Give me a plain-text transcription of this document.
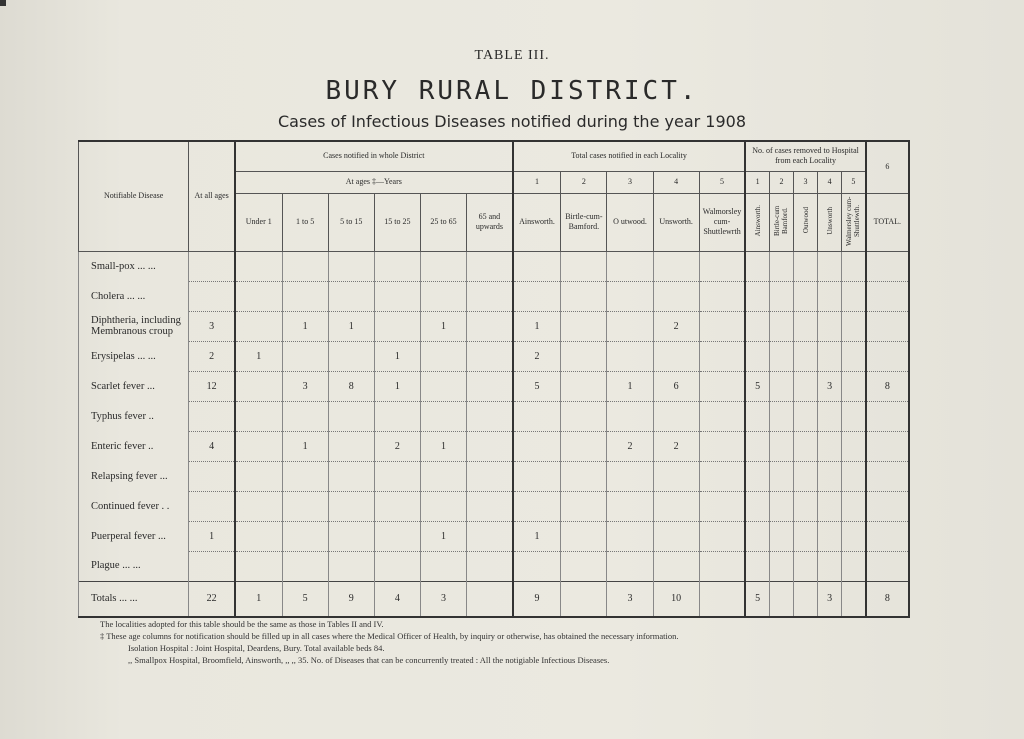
TABLE III.
BURY RURAL DISTRICT.
Cases of Infectious Diseases notified during the year 1908
Notifiable Disease	At all ages	Cases notified in whole District						Total cases notified in each Locality					No. of cases removed to Hospital from each Locality					6
		At ages ‡—Years						1	2	3	4	5	1	2	3	4	5	
		Under 1	1 to 5	5 to 15	15 to 25	25 to 65	65 and upwards	Ainsworth.	Birtle-cum-Bamford.	O utwood.	Unsworth.	Walmorsley cum-Shuttlewrth	Ainsworth.	Birtle-cum Bamford.	Outwood	Unsworth	Walmersley cum-Shuttlewth.	TOTAL.
Small-pox ... ...																		
Cholera ... ...																		
Diphtheria, including Membranous croup	3		1	1		1		1			2							
Erysipelas ... ...	2	1			1			2										
Scarlet fever ...	12		3	8	1			5		1	6		5			3		8
Typhus fever ..																		
Enteric fever ..	4		1		2	1				2	2							
Relapsing fever ...																		
Continued fever . .																		
Puerperal fever ...	1					1		1										
Plague ... ...																		
Totals ... ...	22	1	5	9	4	3		9		3	10		5			3		8

The localities adopted for this table should be the same as those in Tables II and IV.

‡ These age columns for notification should be filled up in all cases where the Medical Officer of Health, by inquiry or otherwise, has obtained the necessary information.

Isolation Hospital : Joint Hospital, Deardens, Bury. Total available beds 84.

,, Smallpox Hospital, Broomfield, Ainsworth, ,, ,, 35. No. of Diseases that can be concurrently treated : All the notigiable Infectious Diseases.
